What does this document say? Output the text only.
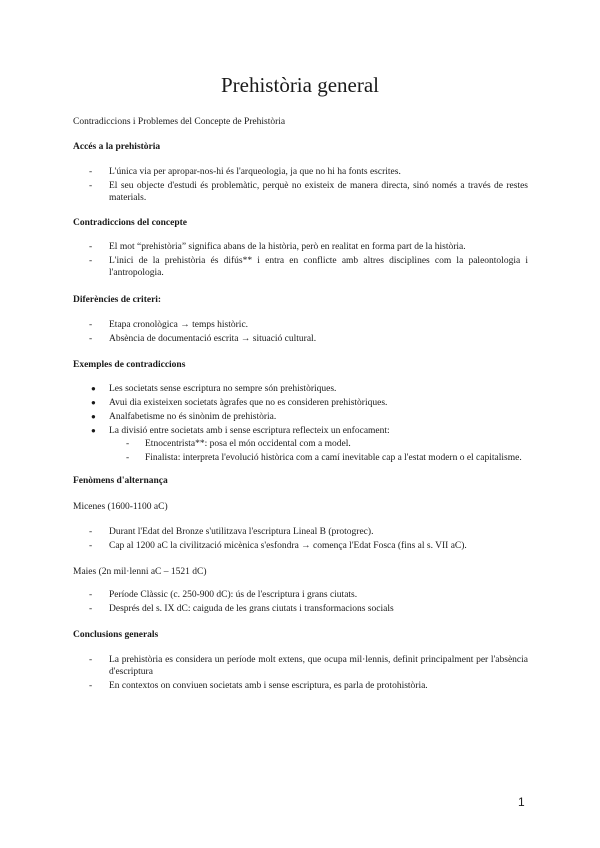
Prehistòria general
Contradiccions i Problemes del Concepte de Prehistòria
Accés a la prehistòria
- L'única via per apropar-nos-hi és l'arqueologia, ja que no hi ha fonts escrites.
- El seu objecte d'estudi és problemàtic, perquè no existeix de manera directa, sinó només a través de restes materials.
Contradiccions del concepte
- El mot “prehistòria” significa abans de la història, però en realitat en forma part de la història.
- L'inici de la prehistòria és difús** i entra en conflicte amb altres disciplines com la paleontologia i l'antropologia.
Diferències de criteri:
- Etapa cronològica → temps històric.
- Absència de documentació escrita → situació cultural.
Exemples de contradiccions
● Les societats sense escriptura no sempre són prehistòriques.
● Avui dia existeixen societats àgrafes que no es consideren prehistòriques.
● Analfabetisme no és sinònim de prehistòria.
● La divisió entre societats amb i sense escriptura reflecteix un enfocament:
- Etnocentrista**: posa el món occidental com a model.
- Finalista: interpreta l'evolució històrica com a camí inevitable cap a l'estat modern o el capitalisme.
Fenòmens d'alternança
Micenes (1600-1100 aC)
- Durant l'Edat del Bronze s'utilitzava l'escriptura Lineal B (protogrec).
- Cap al 1200 aC la civilització micènica s'esfondra → comença l'Edat Fosca (fins al s. VII aC).
Maies (2n mil·lenni aC – 1521 dC)
- Període Clàssic (c. 250-900 dC): ús de l'escriptura i grans ciutats.
- Després del s. IX dC: caiguda de les grans ciutats i transformacions socials
Conclusions generals
- La prehistòria es considera un període molt extens, que ocupa mil·lennis, definit principalment per l'absència d'escriptura
- En contextos on conviuen societats amb i sense escriptura, es parla de protohistòria.
1
